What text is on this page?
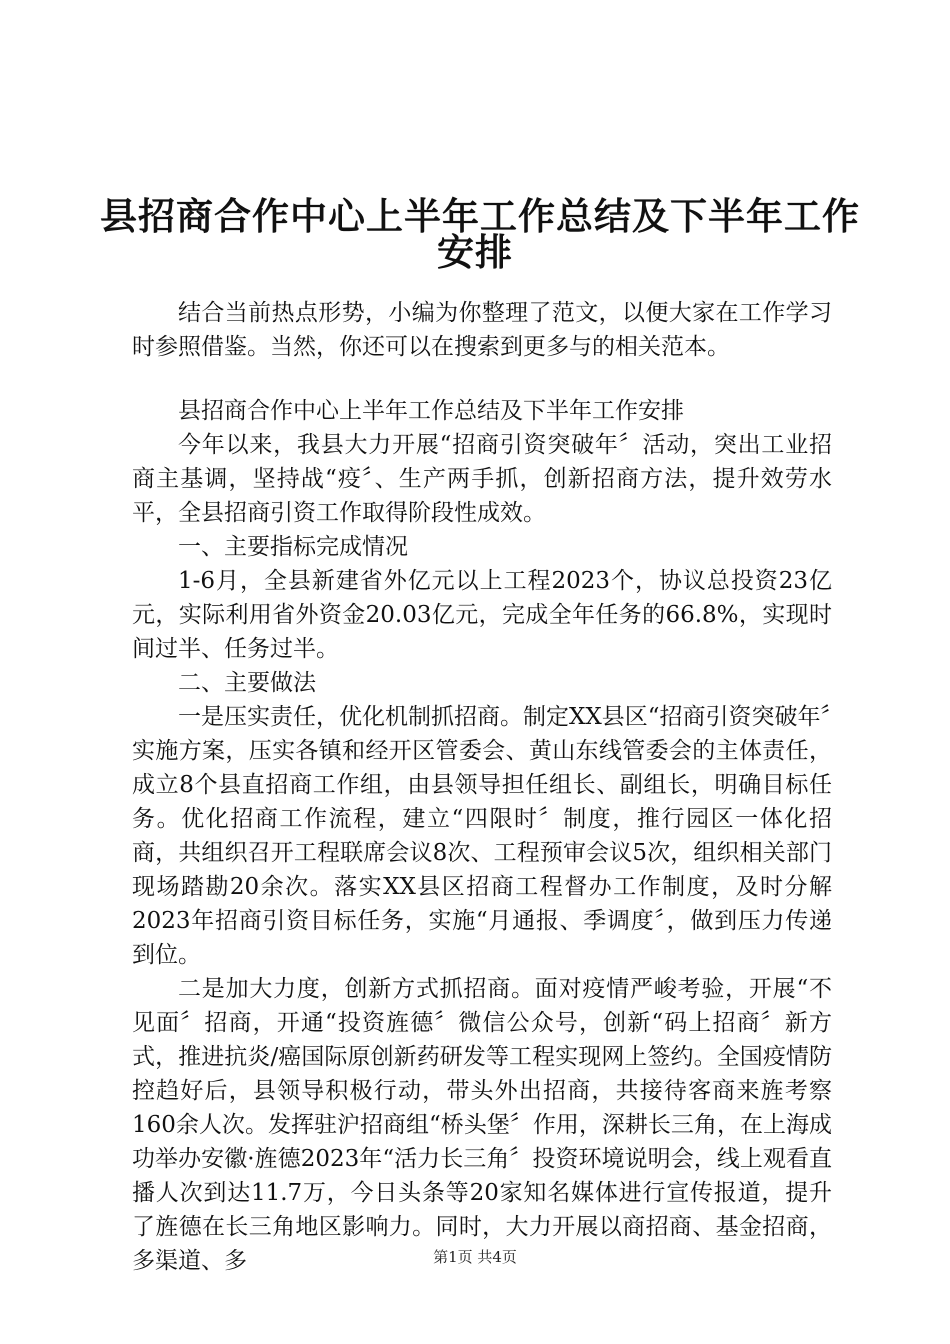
县招商合作中心上半年工作总结及下半年工作
安排

结合当前热点形势，小编为你整理了范文，以便大家在工作学习时参照借鉴。当然，你还可以在搜索到更多与的相关范本。

县招商合作中心上半年工作总结及下半年工作安排

今年以来，我县大力开展“招商引资突破年〞活动，突出工业招商主基调，坚持战“疫〞、生产两手抓，创新招商方法，提升效劳水平，全县招商引资工作取得阶段性成效。

一、主要指标完成情况

1-6月，全县新建省外亿元以上工程2023个，协议总投资23亿元，实际利用省外资金20.03亿元，完成全年任务的66.8%，实现时间过半、任务过半。

二、主要做法

一是压实责任，优化机制抓招商。制定XX县区“招商引资突破年〞实施方案，压实各镇和经开区管委会、黄山东线管委会的主体责任，成立8个县直招商工作组，由县领导担任组长、副组长，明确目标任务。优化招商工作流程，建立“四限时〞制度，推行园区一体化招商，共组织召开工程联席会议8次、工程预审会议5次，组织相关部门现场踏勘20余次。落实XX县区招商工程督办工作制度，及时分解2023年招商引资目标任务，实施“月通报、季调度〞，做到压力传递到位。

二是加大力度，创新方式抓招商。面对疫情严峻考验，开展“不见面〞招商，开通“投资旌德〞微信公众号，创新“码上招商〞新方式，推进抗炎/癌国际原创新药研发等工程实现网上签约。全国疫情防控趋好后，县领导积极行动，带头外出招商，共接待客商来旌考察160余人次。发挥驻沪招商组“桥头堡〞作用，深耕长三角，在上海成功举办安徽·旌德2023年“活力长三角〞投资环境说明会，线上观看直播人次到达11.7万，今日头条等20家知名媒体进行宣传报道，提升了旌德在长三角地区影响力。同时，大力开展以商招商、基金招商，多渠道、多	第1页 共4页
